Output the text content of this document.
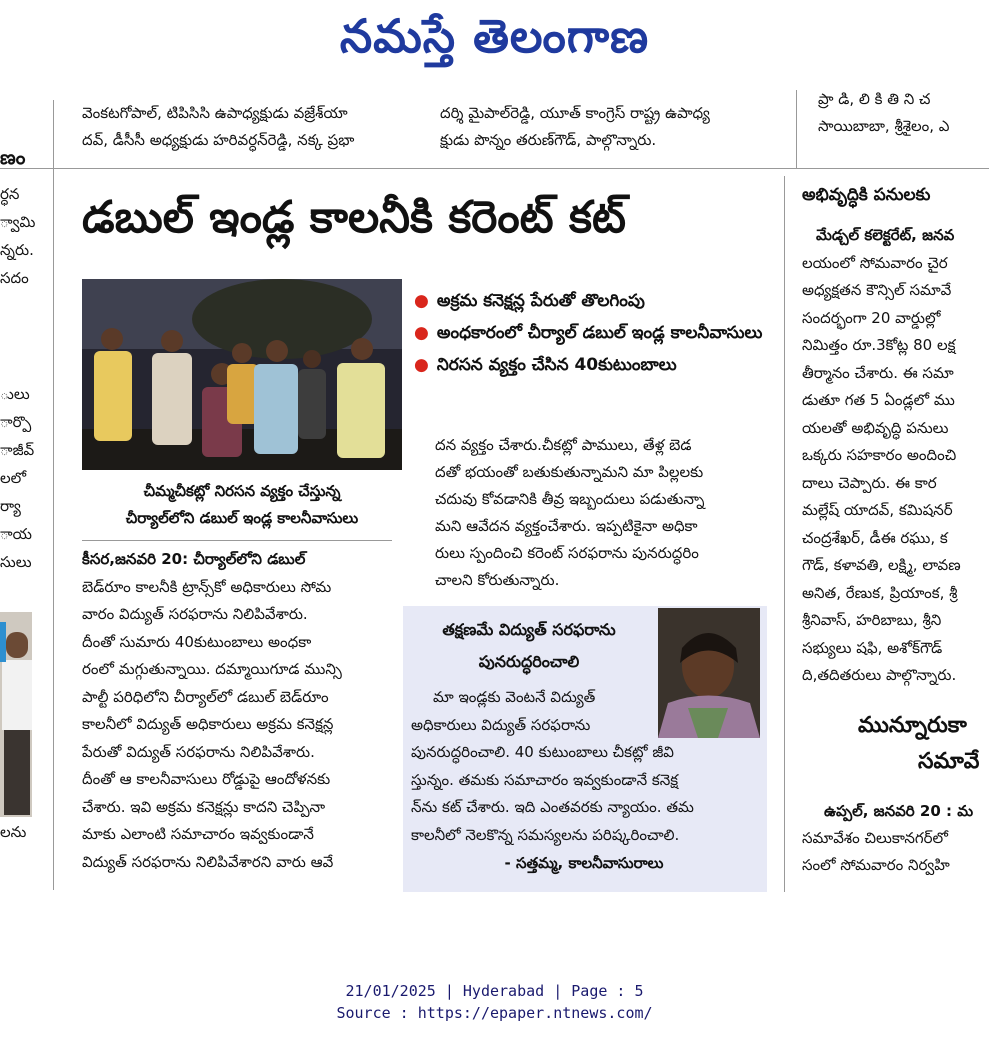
నమస్తే తెలంగాణ
వెంకటగోపాల్‌, టిపిసిసి ఉపాధ్యక్షుడు వజ్రేశ్‌యా
దవ్‌, డీసీసీ అధ్యక్షుడు హరివర్ధన్‌రెడ్డి, నక్క ప్రభా
దర్శి మైపాల్‌రెడ్డి, యూత్‌ కాంగ్రెస్‌ రాష్ట్ర ఉపాధ్య
క్షుడు పొన్నం తరుణ్‌గౌడ్‌, పాల్గొన్నారు.
ప్రా డి, లి కి తి ని చ
సాయిబాబా, శ్రీశైలం, ఎ
ణం
ర్ధన
్వామి
న్నరు.
సదం
ులు
ార్పొ
ాజీవ్‌
లలో
ర్యా
ాయ
సులు
లను
డబుల్‌ ఇండ్ల కాలనీకి కరెంట్‌ కట్‌
చీమ్మచీకట్లో నిరసన వ్యక్తం చేస్తున్న
చీర్యాల్‌లోని డబుల్‌ ఇండ్ల కాలనీవాసులు
● అక్రమ కనెక్షన్ల పేరుతో తొలగింపు
● అంధకారంలో చీర్యాల్‌ డబుల్‌ ఇండ్ల కాలనీవాసులు
● నిరసన వ్యక్తం చేసిన 40కుటుంబాలు
దన వ్యక్తం చేశారు.చీకట్లో పాములు, తేళ్ల బెడ
దతో భయంతో బతుకుతున్నామని మా పిల్లలకు
చదువు కోవడానికి తీవ్ర ఇబ్బందులు పడుతున్నా
మని ఆవేదన వ్యక్తంచేశారు. ఇప్పటికైనా అధికా
రులు స్పందించి కరెంట్‌ సరఫరాను పునరుద్ధరిం
చాలని కోరుతున్నారు.
కీసర,జనవరి 20: చీర్యాల్‌లోని డబుల్‌
బెడ్‌రూం కాలనీకి ట్రాన్స్‌కో అధికారులు సోమ
వారం విద్యుత్‌ సరఫరాను నిలిపివేశారు.
దీంతో సుమారు 40కుటుంబాలు అంధకా
రంలో మగ్గుతున్నాయి. దమ్మాయిగూడ మున్సి
పాల్టీ పరిధిలోని చీర్యాల్‌లో డబుల్‌ బెడ్‌రూం
కాలనీలో విద్యుత్‌ అధికారులు అక్రమ కనెక్షన్ల
పేరుతో విద్యుత్‌ సరఫరాను నిలిపివేశారు.
దీంతో ఆ కాలనీవాసులు రోడ్డుపై ఆందోళనకు
చేశారు. ఇవి అక్రమ కనెక్షన్లు కాదని చెప్పినా
మాకు ఎలాంటి సమాచారం ఇవ్వకుండానే
విద్యుత్‌ సరఫరాను నిలిపివేశారని వారు ఆవే
తక్షణమే విద్యుత్‌ సరఫరాను
పునరుద్ధరించాలి
మా ఇండ్లకు వెంటనే విద్యుత్‌
అధికారులు విద్యుత్‌ సరఫరాను
పునరుద్ధరించాలి. 40 కుటుంబాలు చీకట్లో జీవి
స్తున్నం. తమకు సమాచారం ఇవ్వకుండానే కనెక్ష
న్‌ను కట్‌ చేశారు. ఇది ఎంతవరకు న్యాయం. తమ
కాలనీలో నెలకొన్న సమస్యలను పరిష్కరించాలి.
- సత్తమ్మ, కాలనీవాసురాలు
అభివృద్ధికి పనులకు
మేడ్చల్‌ కలెక్టరేట్‌, జనవ
లయంలో సోమవారం చైర
అధ్యక్షతన కౌన్సిల్‌ సమావే
సందర్భంగా 20 వార్డుల్లో
నిమిత్తం రూ.3కోట్ల 80 లక్ష
తీర్మానం చేశారు. ఈ సమా
డుతూ గత 5 ఏండ్లలో ము
యలతో అభివృద్ధి పనులు
ఒక్కరు సహకారం అందించి
దాలు చెప్పారు. ఈ కార
మల్లేష్‌ యాదవ్‌, కమిషనర్
చంద్రశేఖర్‌, డీఈ రఘు, క
గౌడ్‌, కళావతి, లక్ష్మి, లావణ
అనిత, రేణుక, ప్రియాంక, శ్రీ
శ్రీనివాస్‌, హరిబాబు, శ్రీని
సభ్యులు షఫి, అశోక్‌గౌడ్
ది,తదితరులు పాల్గొన్నారు.
మున్నూరుకా
సమావే
ఉప్పల్‌, జనవరి 20 : మ
సమావేశం చిలుకానగర్‌లో
సంలో సోమవారం నిర్వహి
21/01/2025 | Hyderabad | Page : 5
Source : https://epaper.ntnews.com/
